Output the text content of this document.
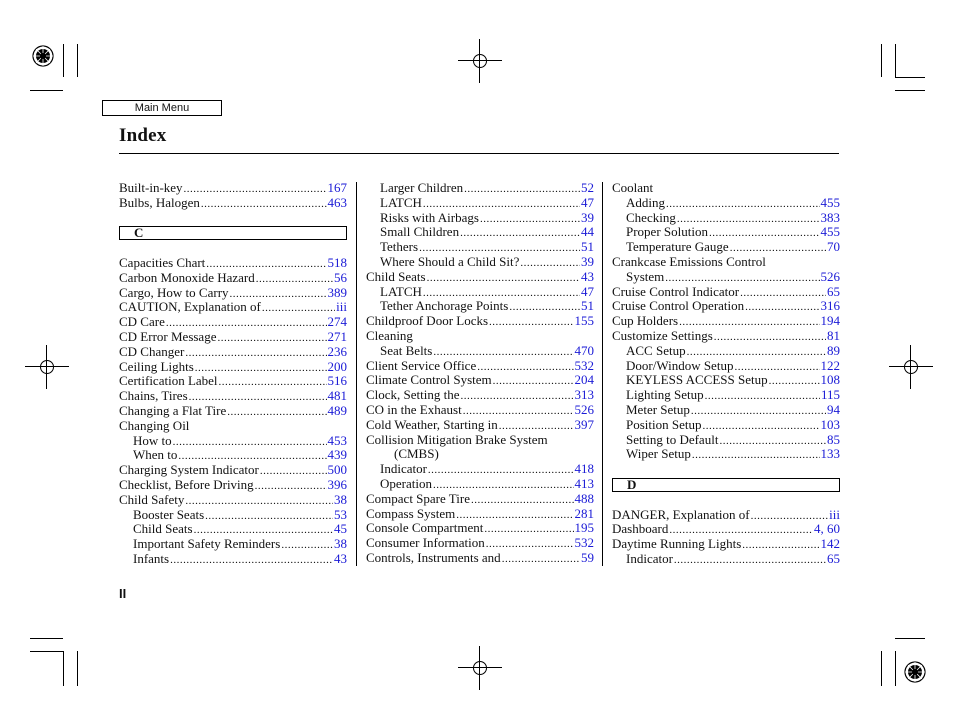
Main Menu
Index
Built-in-key .....	167
Bulbs, Halogen .....	463
C
Capacities Chart .....	518
Carbon Monoxide Hazard .....	56
Cargo, How to Carry .....	389
CAUTION, Explanation of .....	iii
CD Care .....	274
CD Error Message .....	271
CD Changer .....	236
Ceiling Lights .....	200
Certification Label .....	516
Chains, Tires .....	481
Changing a Flat Tire .....	489
Changing Oil
How to .....	453
When to .....	439
Charging System Indicator .....	500
Checklist, Before Driving .....	396
Child Safety .....	38
Booster Seats .....	53
Child Seats .....	45
Important Safety Reminders .....	38
Infants .....	43
Larger Children .....	52
LATCH .....	47
Risks with Airbags .....	39
Small Children .....	44
Tethers .....	51
Where Should a Child Sit? .....	39
Child Seats .....	43
LATCH .....	47
Tether Anchorage Points .....	51
Childproof Door Locks .....	155
Cleaning
Seat Belts .....	470
Client Service Office .....	532
Climate Control System .....	204
Clock, Setting the .....	313
CO in the Exhaust .....	526
Cold Weather, Starting in .....	397
Collision Mitigation Brake System
(CMBS)
Indicator .....	418
Operation .....	413
Compact Spare Tire .....	488
Compass System .....	281
Console Compartment .....	195
Consumer Information .....	532
Controls, Instruments and .....	59
Coolant
Adding .....	455
Checking .....	383
Proper Solution .....	455
Temperature Gauge .....	70
Crankcase Emissions Control
System .....	526
Cruise Control Indicator .....	65
Cruise Control Operation .....	316
Cup Holders .....	194
Customize Settings .....	81
ACC Setup .....	89
Door/Window Setup .....	122
KEYLESS ACCESS Setup .....	108
Lighting Setup .....	115
Meter Setup .....	94
Position Setup .....	103
Setting to Default .....	85
Wiper Setup .....	133
D
DANGER, Explanation of .....	iii
Dashboard .....	4, 60
Daytime Running Lights .....	142
Indicator .....	65
II
